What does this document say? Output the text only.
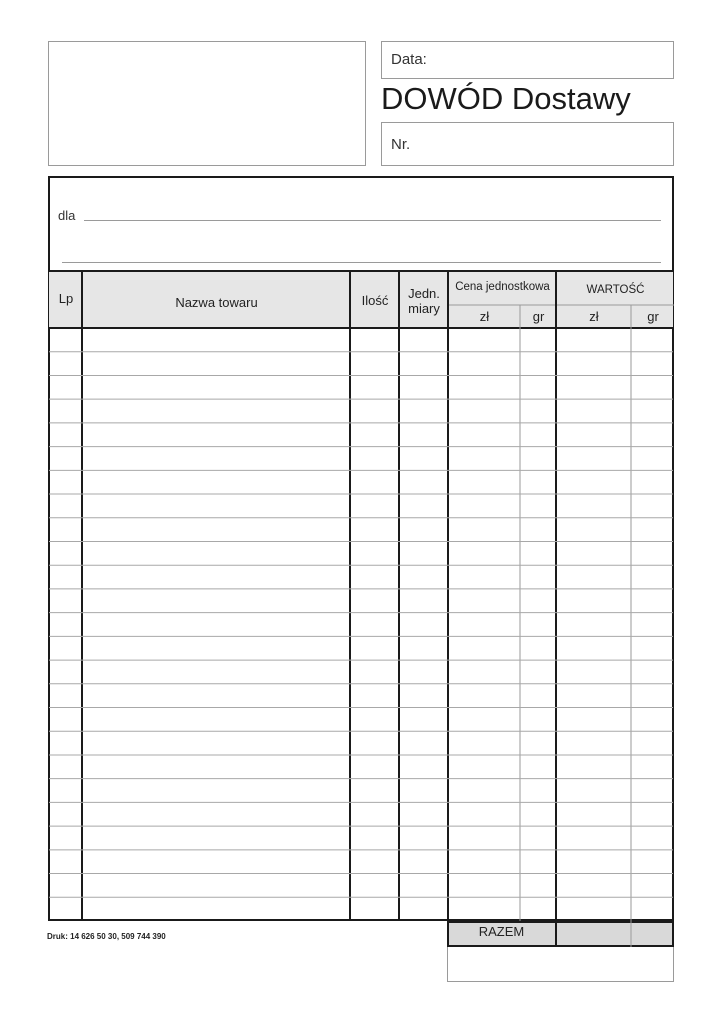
Data:
DOWÓD Dostawy
Nr.
dla
Lp	Nazwa towaru	Ilość	Jedn.
miary
Cena jednostkowa	WARTOŚĆ
zł	gr	zł	gr
Druk: 14 626 50 30, 509 744 390	RAZEM
